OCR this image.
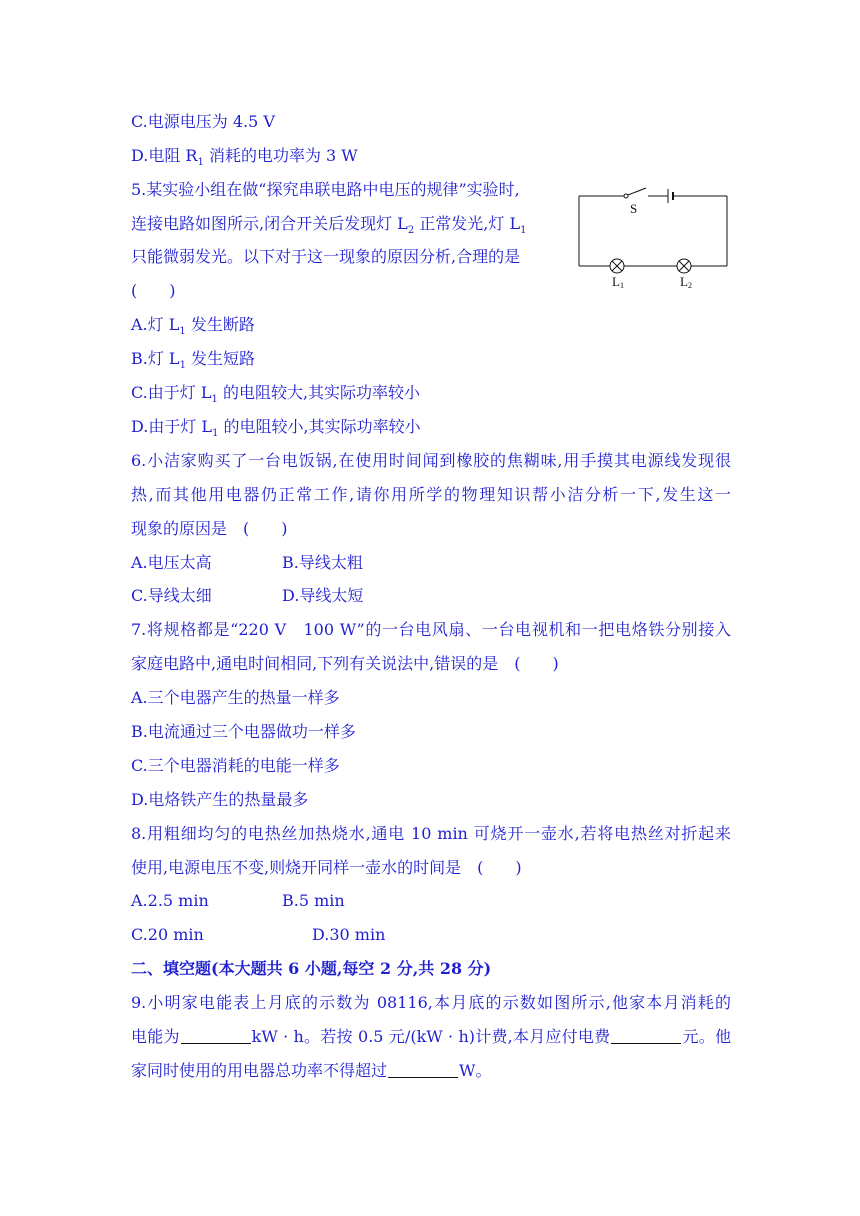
C.电源电压为 4.5 V
D.电阻 $R_1$ 消耗的电功率为 3 W
5.某实验小组在做“探究串联电路中电压的规律”实验时,
连接电路如图所示,闭合开关后发现灯 $L_2$ 正常发光,灯 $L_1$
只能微弱发光。以下对于这一现象的原因分析,合理的是
(　　)
S
L1	L2
A.灯 $L_1$ 发生断路
B.灯 $L_1$ 发生短路
C.由于灯 $L_1$ 的电阻较大,其实际功率较小
D.由于灯 $L_1$ 的电阻较小,其实际功率较小
6.小洁家购买了一台电饭锅,在使用时间闻到橡胶的焦糊味,用手摸其电源线发现很
热,而其他用电器仍正常工作,请你用所学的物理知识帮小洁分析一下,发生这一
现象的原因是　(　　)
A.电压太高	B.导线太粗
C.导线太细	D.导线太短
7.将规格都是“220 V　100 W”的一台电风扇、一台电视机和一把电烙铁分别接入
家庭电路中,通电时间相同,下列有关说法中,错误的是　(　　)
A.三个电器产生的热量一样多
B.电流通过三个电器做功一样多
C.三个电器消耗的电能一样多
D.电烙铁产生的热量最多
8.用粗细均匀的电热丝加热烧水,通电 10 min 可烧开一壶水,若将电热丝对折起来
使用,电源电压不变,则烧开同样一壶水的时间是　(　　)
A.2.5 min	B.5 min
C.20 min	D.30 min
二、填空题(本大题共 6 小题,每空 2 分,共 28 分)
9.小明家电能表上月底的示数为 08116,本月底的示数如图所示,他家本月消耗的
电能为	kW · h。若按 0.5 元/(kW · h)计费,本月应付电费	元。他
家同时使用的用电器总功率不得超过	W。
